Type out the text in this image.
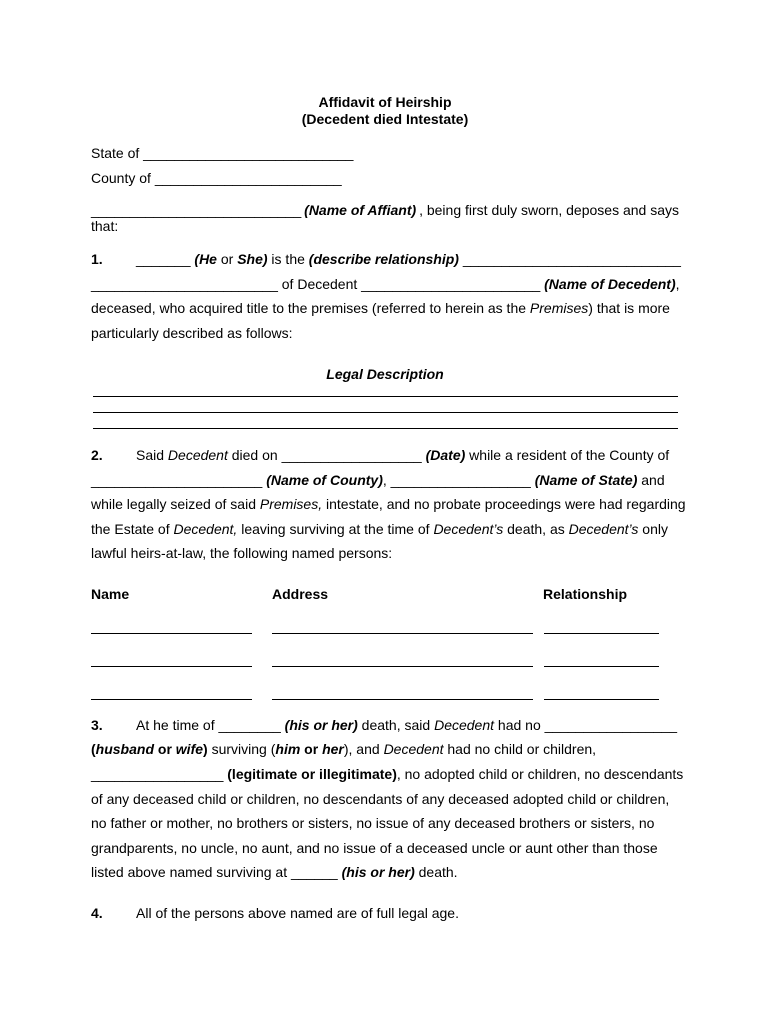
Affidavit of Heirship
(Decedent died Intestate)
State of ___________________________
County of ________________________
___________________________ (Name of Affiant) , being first duly sworn, deposes and says
that:
1. _______ (He or She) is the (describe relationship) ____________________________
________________________ of Decedent _______________________ (Name of Decedent),
deceased, who acquired title to the premises (referred to herein as the Premises) that is more
particularly described as follows:
Legal Description
2. Said Decedent died on __________________ (Date) while a resident of the County of
______________________ (Name of County), __________________ (Name of State) and
while legally seized of said Premises, intestate, and no probate proceedings were had regarding
the Estate of Decedent, leaving surviving at the time of Decedent’s death, as Decedent’s only
lawful heirs-at-law, the following named persons:
Name	Address	Relationship
3. At he time of ________ (his or her) death, said Decedent had no _________________
(husband or wife) surviving (him or her), and Decedent had no child or children,
_________________ (legitimate or illegitimate), no adopted child or children, no descendants
of any deceased child or children, no descendants of any deceased adopted child or children,
no father or mother, no brothers or sisters, no issue of any deceased brothers or sisters, no
grandparents, no uncle, no aunt, and no issue of a deceased uncle or aunt other than those
listed above named surviving at ______ (his or her) death.
4. All of the persons above named are of full legal age.
